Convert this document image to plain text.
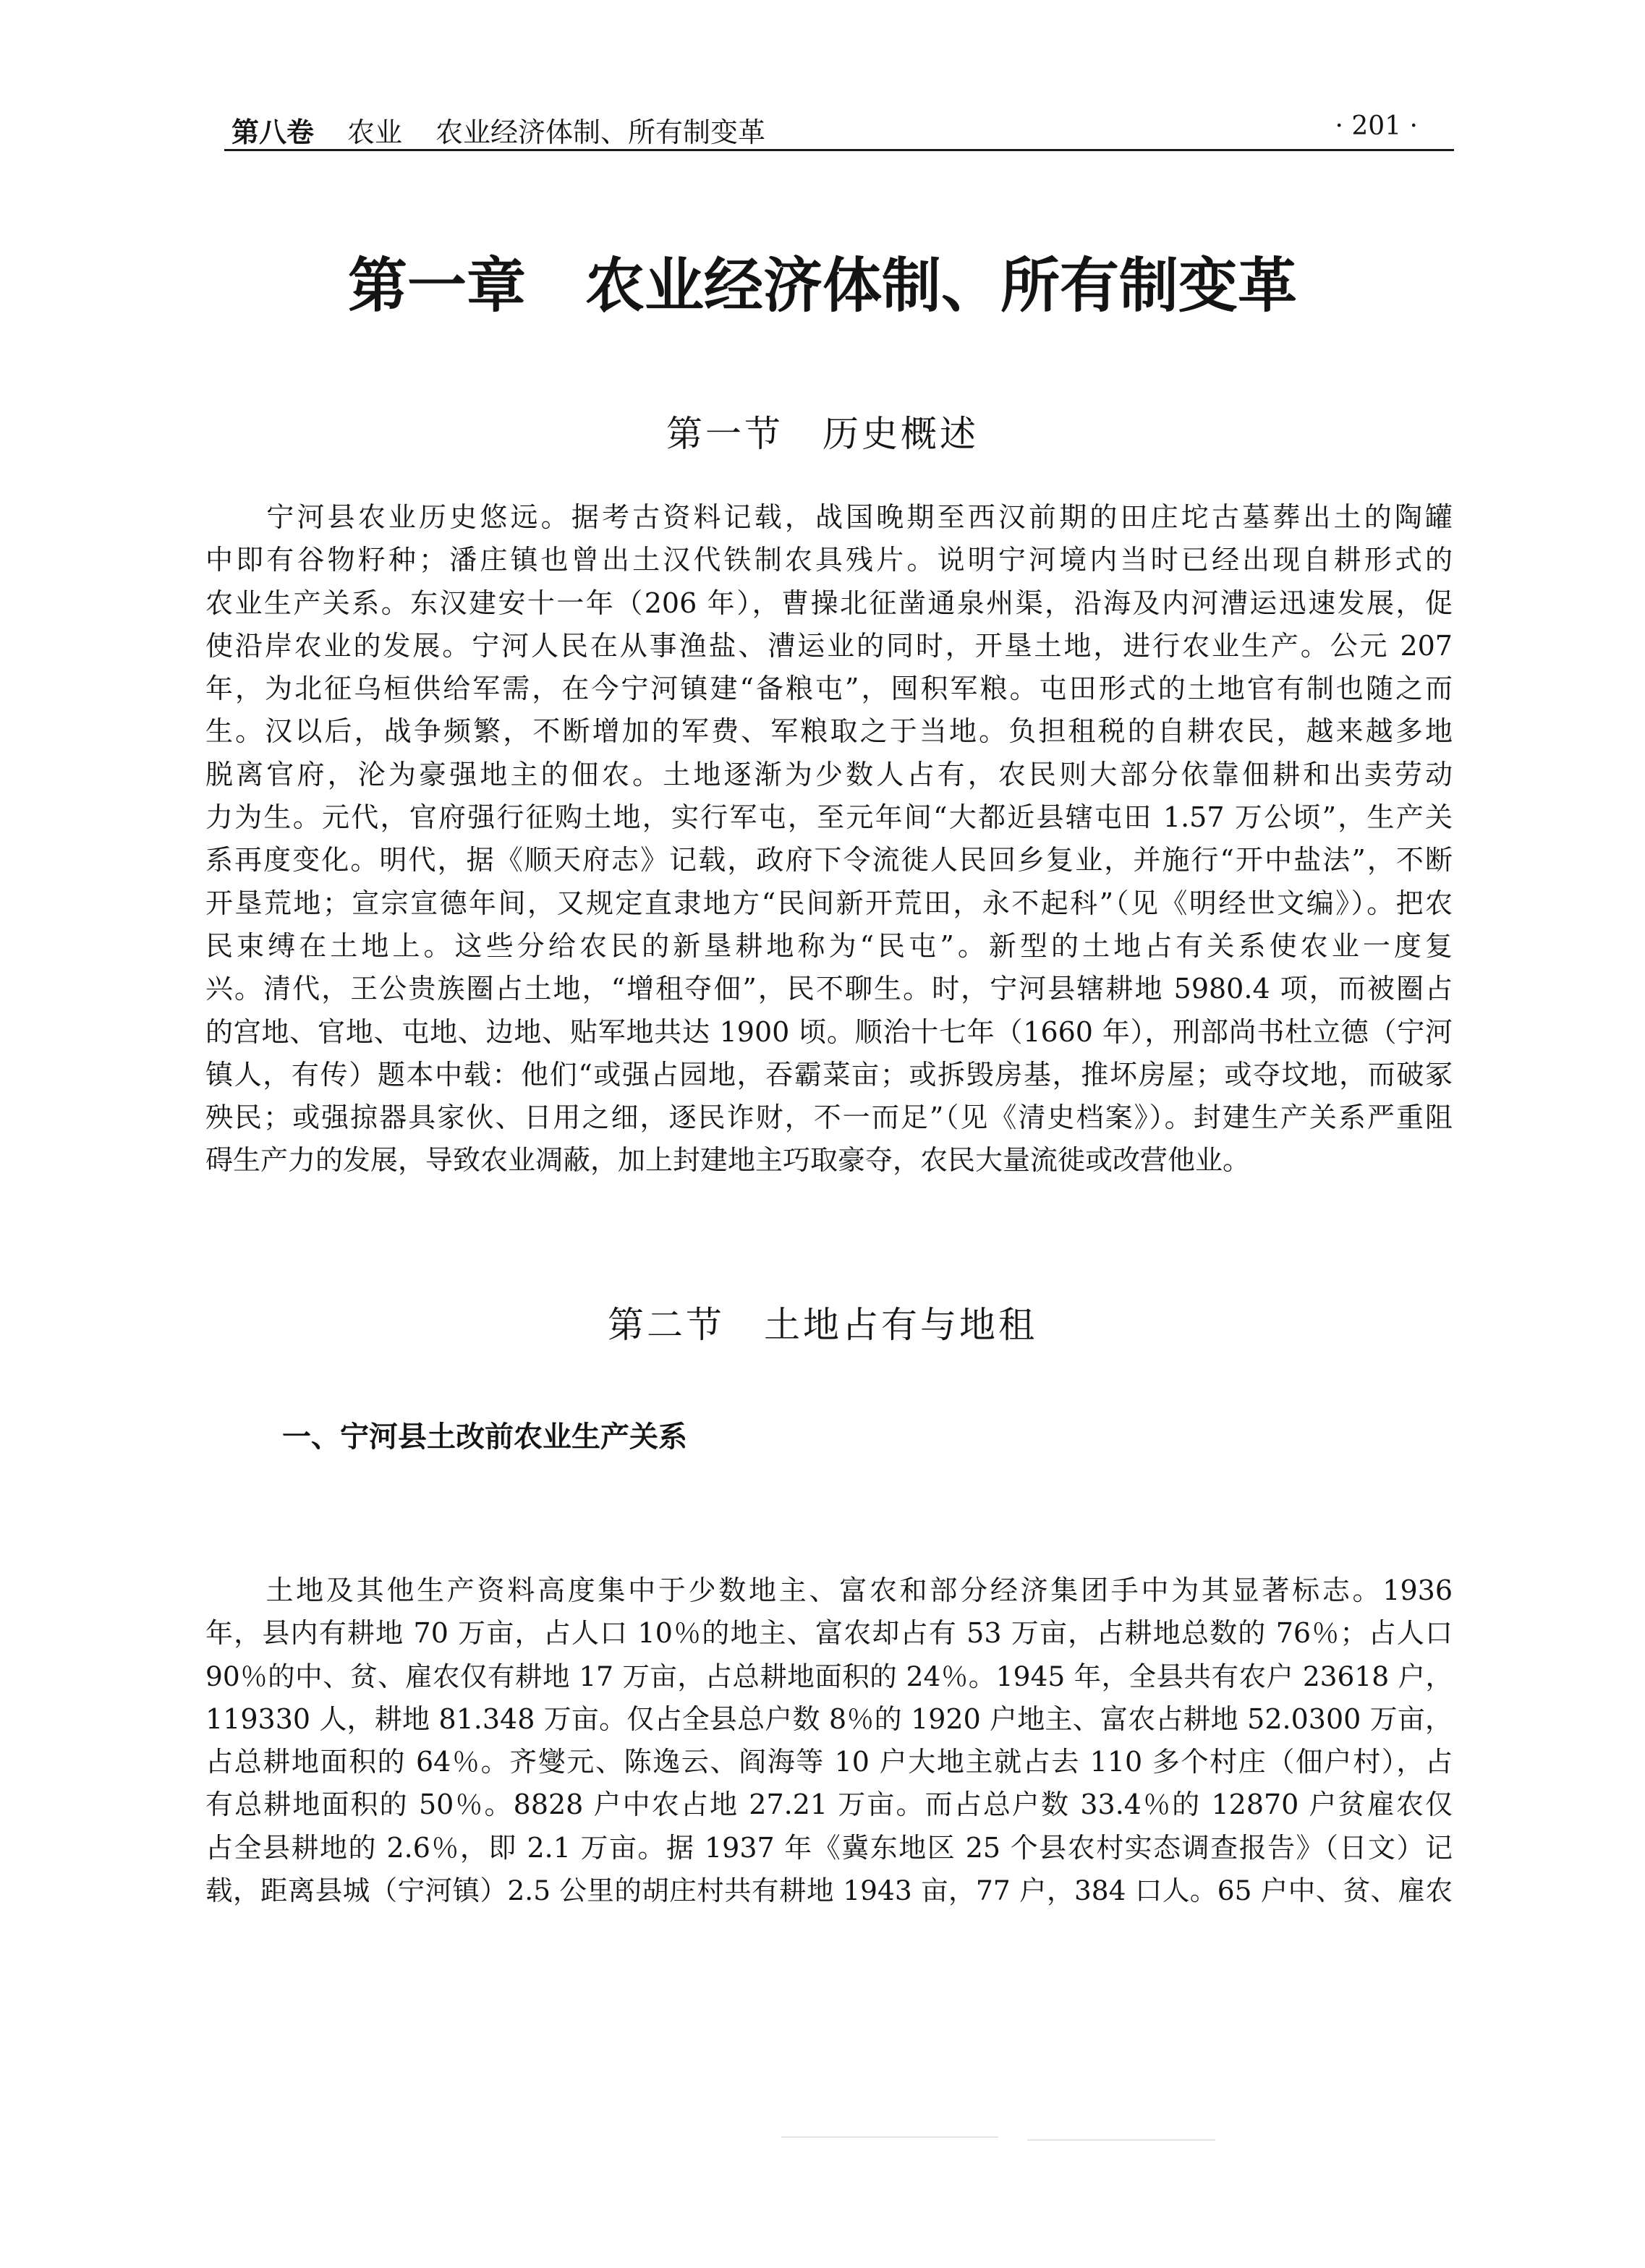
第八卷 农业 农业经济体制、所有制变革	· 201 ·
第一章　农业经济体制、所有制变革
第一节　历史概述
　　宁河县农业历史悠远。据考古资料记载，战国晚期至西汉前期的田庄坨古墓葬出土的陶罐
中即有谷物籽种；潘庄镇也曾出土汉代铁制农具残片。说明宁河境内当时已经出现自耕形式的
农业生产关系。东汉建安十一年（206 年），曹操北征凿通泉州渠，沿海及内河漕运迅速发展，促
使沿岸农业的发展。宁河人民在从事渔盐、漕运业的同时，开垦土地，进行农业生产。公元 207
年，为北征乌桓供给军需，在今宁河镇建“备粮屯”，囤积军粮。屯田形式的土地官有制也随之而
生。汉以后，战争频繁，不断增加的军费、军粮取之于当地。负担租税的自耕农民，越来越多地
脱离官府，沦为豪强地主的佃农。土地逐渐为少数人占有，农民则大部分依靠佃耕和出卖劳动
力为生。元代，官府强行征购土地，实行军屯，至元年间“大都近县辖屯田 1.57 万公顷”，生产关
系再度变化。明代，据《顺天府志》记载，政府下令流徙人民回乡复业，并施行“开中盐法”，不断
开垦荒地；宣宗宣德年间，又规定直隶地方“民间新开荒田，永不起科”（见《明经世文编》）。把农
民束缚在土地上。这些分给农民的新垦耕地称为“民屯”。新型的土地占有关系使农业一度复
兴。清代，王公贵族圈占土地，“增租夺佃”，民不聊生。时，宁河县辖耕地 5980.4 项，而被圈占
的宫地、官地、屯地、边地、贴军地共达 1900 顷。顺治十七年（1660 年），刑部尚书杜立德（宁河
镇人，有传）题本中载：他们“或强占园地，吞霸菜亩；或拆毁房基，推坏房屋；或夺坟地，而破冢
殃民；或强掠器具家伙、日用之细，逐民诈财，不一而足”（见《清史档案》）。封建生产关系严重阻
碍生产力的发展，导致农业凋蔽，加上封建地主巧取豪夺，农民大量流徙或改营他业。
第二节　土地占有与地租
一、宁河县土改前农业生产关系
　　土地及其他生产资料高度集中于少数地主、富农和部分经济集团手中为其显著标志。1936
年，县内有耕地 70 万亩，占人口 10％的地主、富农却占有 53 万亩，占耕地总数的 76％；占人口
90％的中、贫、雇农仅有耕地 17 万亩，占总耕地面积的 24％。1945 年，全县共有农户 23618 户，
119330 人，耕地 81.348 万亩。仅占全县总户数 8％的 1920 户地主、富农占耕地 52.0300 万亩，
占总耕地面积的 64％。齐燮元、陈逸云、阎海等 10 户大地主就占去 110 多个村庄（佃户村），占
有总耕地面积的 50％。8828 户中农占地 27.21 万亩。而占总户数 33.4％的 12870 户贫雇农仅
占全县耕地的 2.6％，即 2.1 万亩。据 1937 年《冀东地区 25 个县农村实态调查报告》（日文）记
载，距离县城（宁河镇）2.5 公里的胡庄村共有耕地 1943 亩，77 户，384 口人。65 户中、贫、雇农
